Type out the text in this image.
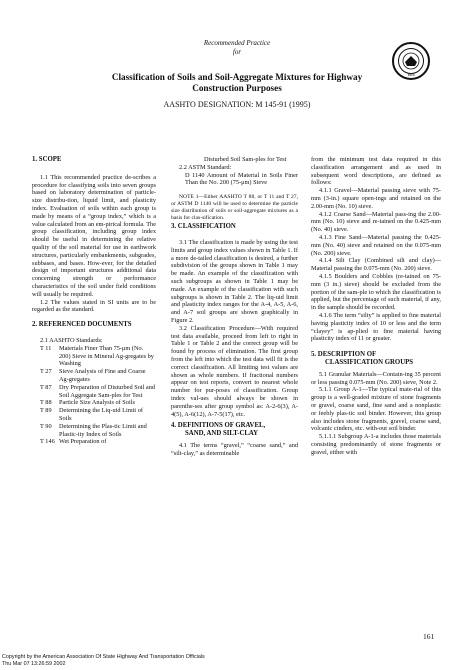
Recommended Practice
for
1914
Classification of Soils and Soil-Aggregate Mixtures for Highway
Construction Purposes
AASHTO DESIGNATION: M 145-91 (1995)

1. SCOPE

1.1 This recommended practice de-scribes a procedure for classifying soils into seven groups based on laboratory determination of particle-size distribu-tion, liquid limit, and plasticity index. Evaluation of soils within each group is made by means of a “group index,” which is a value calculated from an em-pirical formula. The group classification, including group index should be useful in determining the relative quality of the soil material for use in earthwork structures, particularly embankments, subgrades, subbases, and bases. How-ever, for the detailed design of important structures additional data concerning strength or performance characteristics of the soil under field conditions will usually be required.

1.2 The values stated in SI units are to be regarded as the standard.

2. REFERENCED DOCUMENTS

2.1 AASHTO Standards:

T 11	Materials Finer Than 75-μm (No. 200) Sieve in Mineral Ag-gregates by Washing
T 27	Sieve Analysis of Fine and Coarse Ag-gregates
T 87	Dry Preparation of Disturbed Soil and Soil Aggregate Sam-ples for Test
T 88	Particle Size Analysis of Soils
T 89	Determining the Liq-uid Limit of Soils
T 90	Determining the Plas-tic Limit and Plastic-ity Index of Soils
T 146 Wet Preparation of

Disturbed Soil Sam-ples for Test

2.2 ASTM Standard:

D 1140 Amount of Material in Soils Finer Than the No. 200 (75-μm) Sieve

NOTE 1—Either AASHTO T 88, or T 11 and T 27, or ASTM D 1140 will be used to determine the particle size distribution of soils or soil-aggregate mixtures as a basis for clas-sification.

3. CLASSIFICATION

3.1 The classification is made by using the test limits and group index values shown in Table 1. If a more de-tailed classification is desired, a further subdivision of the groups shown in Table 1 may be made. An example of the classification with such subgroups as shown in Table 1 may be made. An example of the classification with such subgroups is shown in Table 2. The liq-uid limit and plasticity index ranges for the A-4, A-5, A-6, and A-7 soil groups are shown graphically in Figure 2.

3.2 Classification Procedure—With required test data available, proceed from left to right in Table 1 or Table 2 and the correct group will be found by process of elimination. The first group from the left into which the test data will fit is the correct classification. All limiting test values are shown as whole numbers. If fractional numbers appear on test reports, convert to nearest whole number for pur-poses of classification. Group index val-ues should always be shown in parenthe-ses after group symbol as: A-2-6(3), A-4(5), A-6(12), A-7-5(17), etc.

4. DEFINITIONS OF GRAVEL,

SAND, AND SILT-CLAY

4.1 The terms “gravel,” “coarse sand,” and “silt-clay,” as determinable

from the minimum test data required in this classification arrangement and as used in subsequent word descriptions, are defined as follows:

4.1.1 Gravel—Material passing sieve with 75-mm (3-in.) square open-ings and retained on the 2.00-mm (No. 10) sieve.

4.1.2 Coarse Sand—Material pass-ing the 2.00-mm (No. 10) sieve and re-tained on the 0.425-mm (No. 40) sieve.

4.1.3 Fine Sand—Material passing the 0.425-mm (No. 40) sieve and retained on the 0.075-mm (No. 200) sieve.

4.1.4 Silt Clay (Combined silt and clay)—Material passing the 0.075-mm (No. 200) sieve.

4.1.5 Boulders and Cobbles (re-tained on 75-mm (3 in.) sieve) should be excluded from the portion of the sam-ple to which the classification is applied, but the percentage of such material, if any, in the sample should be recorded.

4.1.6 The term “silty” is applied to fine material having plasticity index of 10 or less and the term “clayey” is ap-plied to fine material having plasticity index of 11 or greater.

5. DESCRIPTION OF

CLASSIFICATION GROUPS

5.1 Granular Materials—Contain-ing 35 percent or less passing 0.075-mm (No. 200) sieve, Note 2.

5.1.1 Group A-1—The typical mate-rial of this group is a well-graded mixture of stone fragments or gravel, coarse sand, fine sand and a nonplastic or feebly plas-tic soil binder. However, this group also includes stone fragments, gravel, coarse sand, volcanic cinders, etc. with-out soil binder.

5.1.1.1 Subgroup A-1-a includes those materials consisting predominantly of stone fragments or gravel, either with

161
Copyright by the American Association Of State Highway And Transportation Officials
Thu Mar 07 13:26:59 2002
